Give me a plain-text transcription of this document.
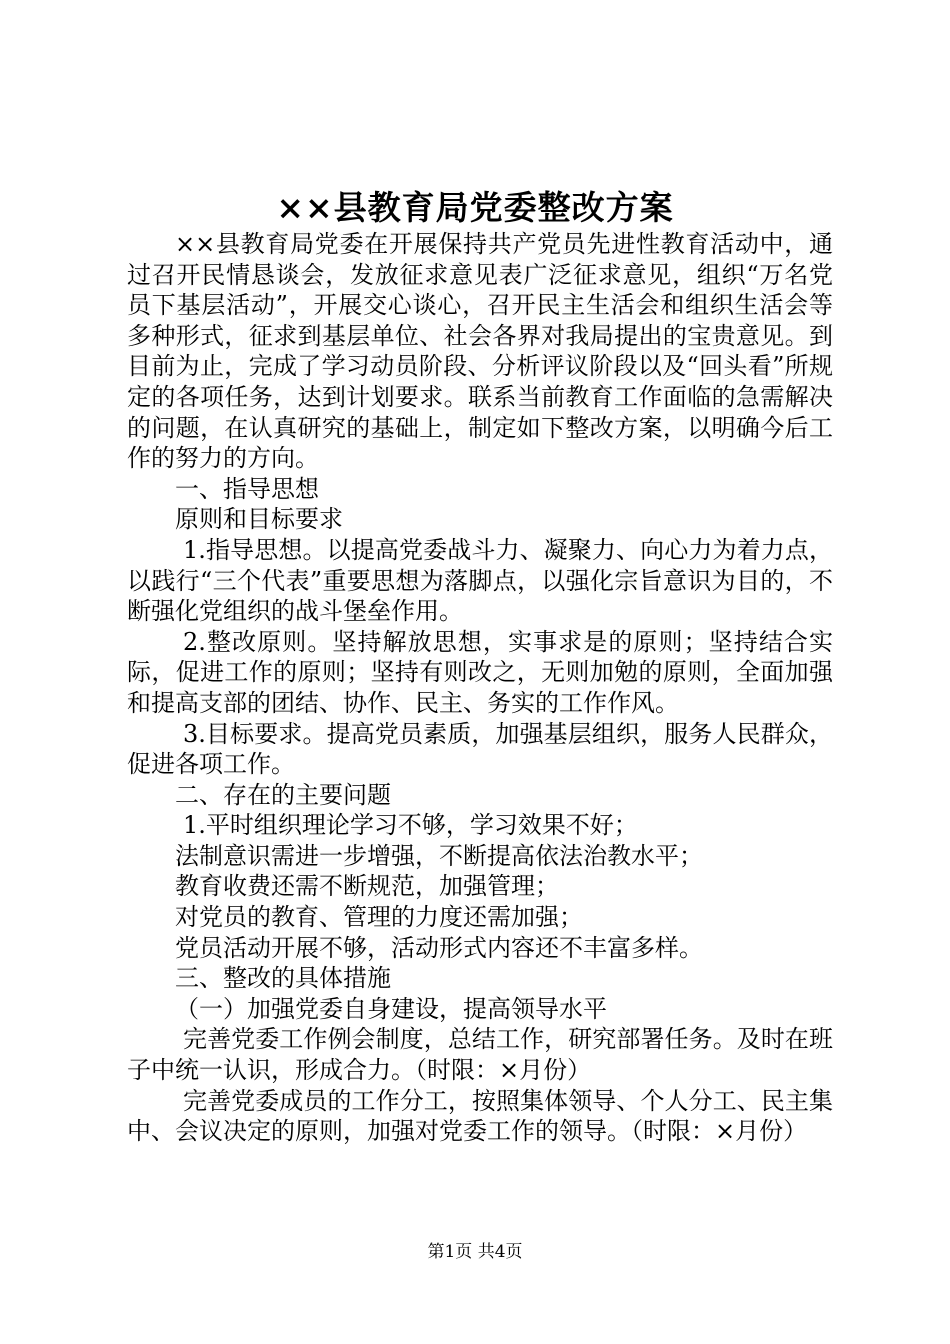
××县教育局党委整改方案

××县教育局党委在开展保持共产党员先进性教育活动中，通过召开民情恳谈会，发放征求意见表广泛征求意见，组织“万名党员下基层活动”，开展交心谈心，召开民主生活会和组织生活会等多种形式，征求到基层单位、社会各界对我局提出的宝贵意见。到目前为止，完成了学习动员阶段、分析评议阶段以及“回头看”所规定的各项任务，达到计划要求。联系当前教育工作面临的急需解决的问题，在认真研究的基础上，制定如下整改方案，以明确今后工作的努力的方向。

一、指导思想

原则和目标要求

1.指导思想。以提高党委战斗力、凝聚力、向心力为着力点，以践行“三个代表”重要思想为落脚点，以强化宗旨意识为目的，不断强化党组织的战斗堡垒作用。

2.整改原则。坚持解放思想，实事求是的原则；坚持结合实际，促进工作的原则；坚持有则改之，无则加勉的原则，全面加强和提高支部的团结、协作、民主、务实的工作作风。

3.目标要求。提高党员素质，加强基层组织，服务人民群众，促进各项工作。

二、存在的主要问题

1.平时组织理论学习不够，学习效果不好；

法制意识需进一步增强，不断提高依法治教水平；

教育收费还需不断规范，加强管理；

对党员的教育、管理的力度还需加强；

党员活动开展不够，活动形式内容还不丰富多样。

三、整改的具体措施

（一）加强党委自身建设，提高领导水平

完善党委工作例会制度，总结工作，研究部署任务。及时在班子中统一认识，形成合力。（时限：×月份）

完善党委成员的工作分工，按照集体领导、个人分工、民主集中、会议决定的原则，加强对党委工作的领导。（时限：×月份）

第1页 共4页
